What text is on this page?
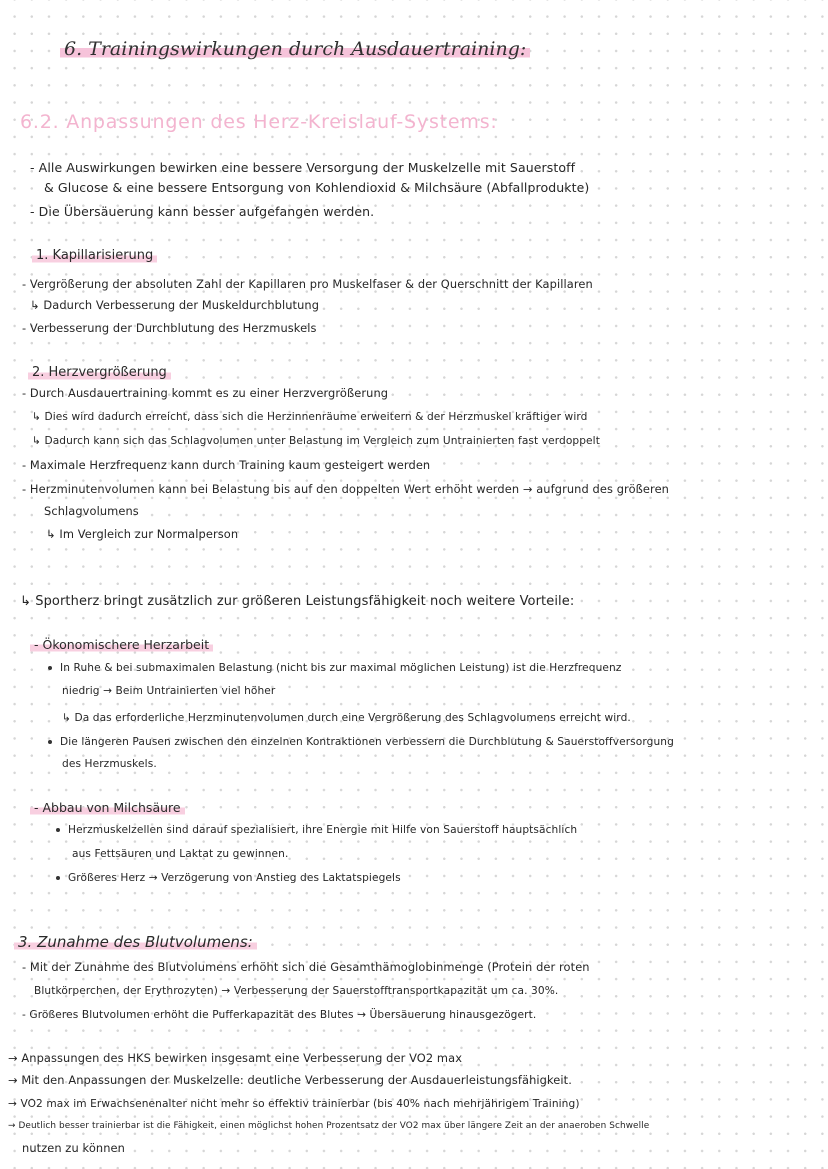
6. Trainingswirkungen durch Ausdauertraining:
6.2. Anpassungen des Herz-Kreislauf-Systems:
- Alle Auswirkungen bewirken eine bessere Versorgung der Muskelzelle mit Sauerstoff
& Glucose & eine bessere Entsorgung von Kohlendioxid & Milchsäure (Abfallprodukte)
- Die Übersäuerung kann besser aufgefangen werden.
1. Kapillarisierung
- Vergrößerung der absoluten Zahl der Kapillaren pro Muskelfaser & der Querschnitt der Kapillaren
↳ Dadurch Verbesserung der Muskeldurchblutung
- Verbesserung der Durchblutung des Herzmuskels
2. Herzvergrößerung
- Durch Ausdauertraining kommt es zu einer Herzvergrößerung
↳ Dies wird dadurch erreicht, dass sich die Herzinnenräume erweitern & der Herzmuskel kräftiger wird
↳ Dadurch kann sich das Schlagvolumen unter Belastung im Vergleich zum Untrainierten fast verdoppelt
- Maximale Herzfrequenz kann durch Training kaum gesteigert werden
- Herzminutenvolumen kann bei Belastung bis auf den doppelten Wert erhöht werden → aufgrund des größeren
Schlagvolumens
↳ Im Vergleich zur Normalperson
↳ Sportherz bringt zusätzlich zur größeren Leistungsfähigkeit noch weitere Vorteile:
- Ökonomischere Herzarbeit
In Ruhe & bei submaximalen Belastung (nicht bis zur maximal möglichen Leistung) ist die Herzfrequenz
niedrig → Beim Untrainierten viel höher
↳ Da das erforderliche Herzminutenvolumen durch eine Vergrößerung des Schlagvolumens erreicht wird.
Die längeren Pausen zwischen den einzelnen Kontraktionen verbessern die Durchblutung & Sauerstoffversorgung
des Herzmuskels.
- Abbau von Milchsäure
Herzmuskelzellen sind darauf spezialisiert, ihre Energie mit Hilfe von Sauerstoff hauptsächlich
aus Fettsäuren und Laktat zu gewinnen.
Größeres Herz → Verzögerung von Anstieg des Laktatspiegels
3. Zunahme des Blutvolumens:
- Mit der Zunahme des Blutvolumens erhöht sich die Gesamthämoglobinmenge (Protein der roten
Blutkörperchen, der Erythrozyten) → Verbesserung der Sauerstofftransportkapazität um ca. 30%.
- Größeres Blutvolumen erhöht die Pufferkapazität des Blutes → Übersäuerung hinausgezögert.
→ Anpassungen des HKS bewirken insgesamt eine Verbesserung der VO2 max
→ Mit den Anpassungen der Muskelzelle: deutliche Verbesserung der Ausdauerleistungsfähigkeit.
→ VO2 max im Erwachsenenalter nicht mehr so effektiv trainierbar (bis 40% nach mehrjährigem Training)
→ Deutlich besser trainierbar ist die Fähigkeit, einen möglichst hohen Prozentsatz der VO2 max über längere Zeit an der anaeroben Schwelle
nutzen zu können
